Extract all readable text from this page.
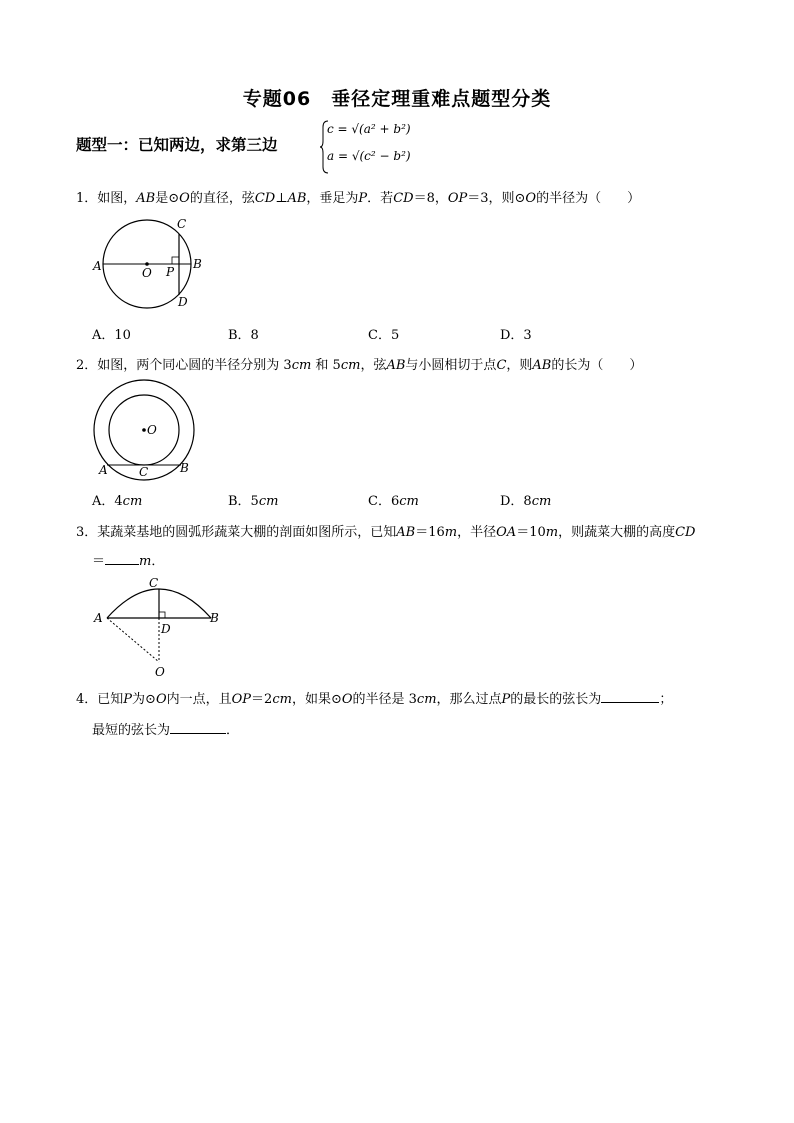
专题06　垂径定理重难点题型分类
题型一：已知两边，求第三边
c = √(a² + b²)
a = √(c² − b²)
1．如图，AB是⊙O的直径，弦CD⊥AB，垂足为P．若CD＝8，OP＝3，则⊙O的半径为（　　）
A	O P
B
C
D
A．10	B．8	C．5	D．3
2．如图，两个同心圆的半径分别为 3cm 和 5cm，弦AB与小圆相切于点C，则AB的长为（　　）
O
A	C	B
A．4cm	B．5cm	C．6cm	D．8cm
3．某蔬菜基地的圆弧形蔬菜大棚的剖面如图所示，已知AB＝16m，半径OA＝10m，则蔬菜大棚的高度CD
＝	m．
A	B
C
D
O
4．已知P为⊙O内一点，且OP＝2cm，如果⊙O的半径是 3cm，那么过点P的最长的弦长为	；
最短的弦长为	．
